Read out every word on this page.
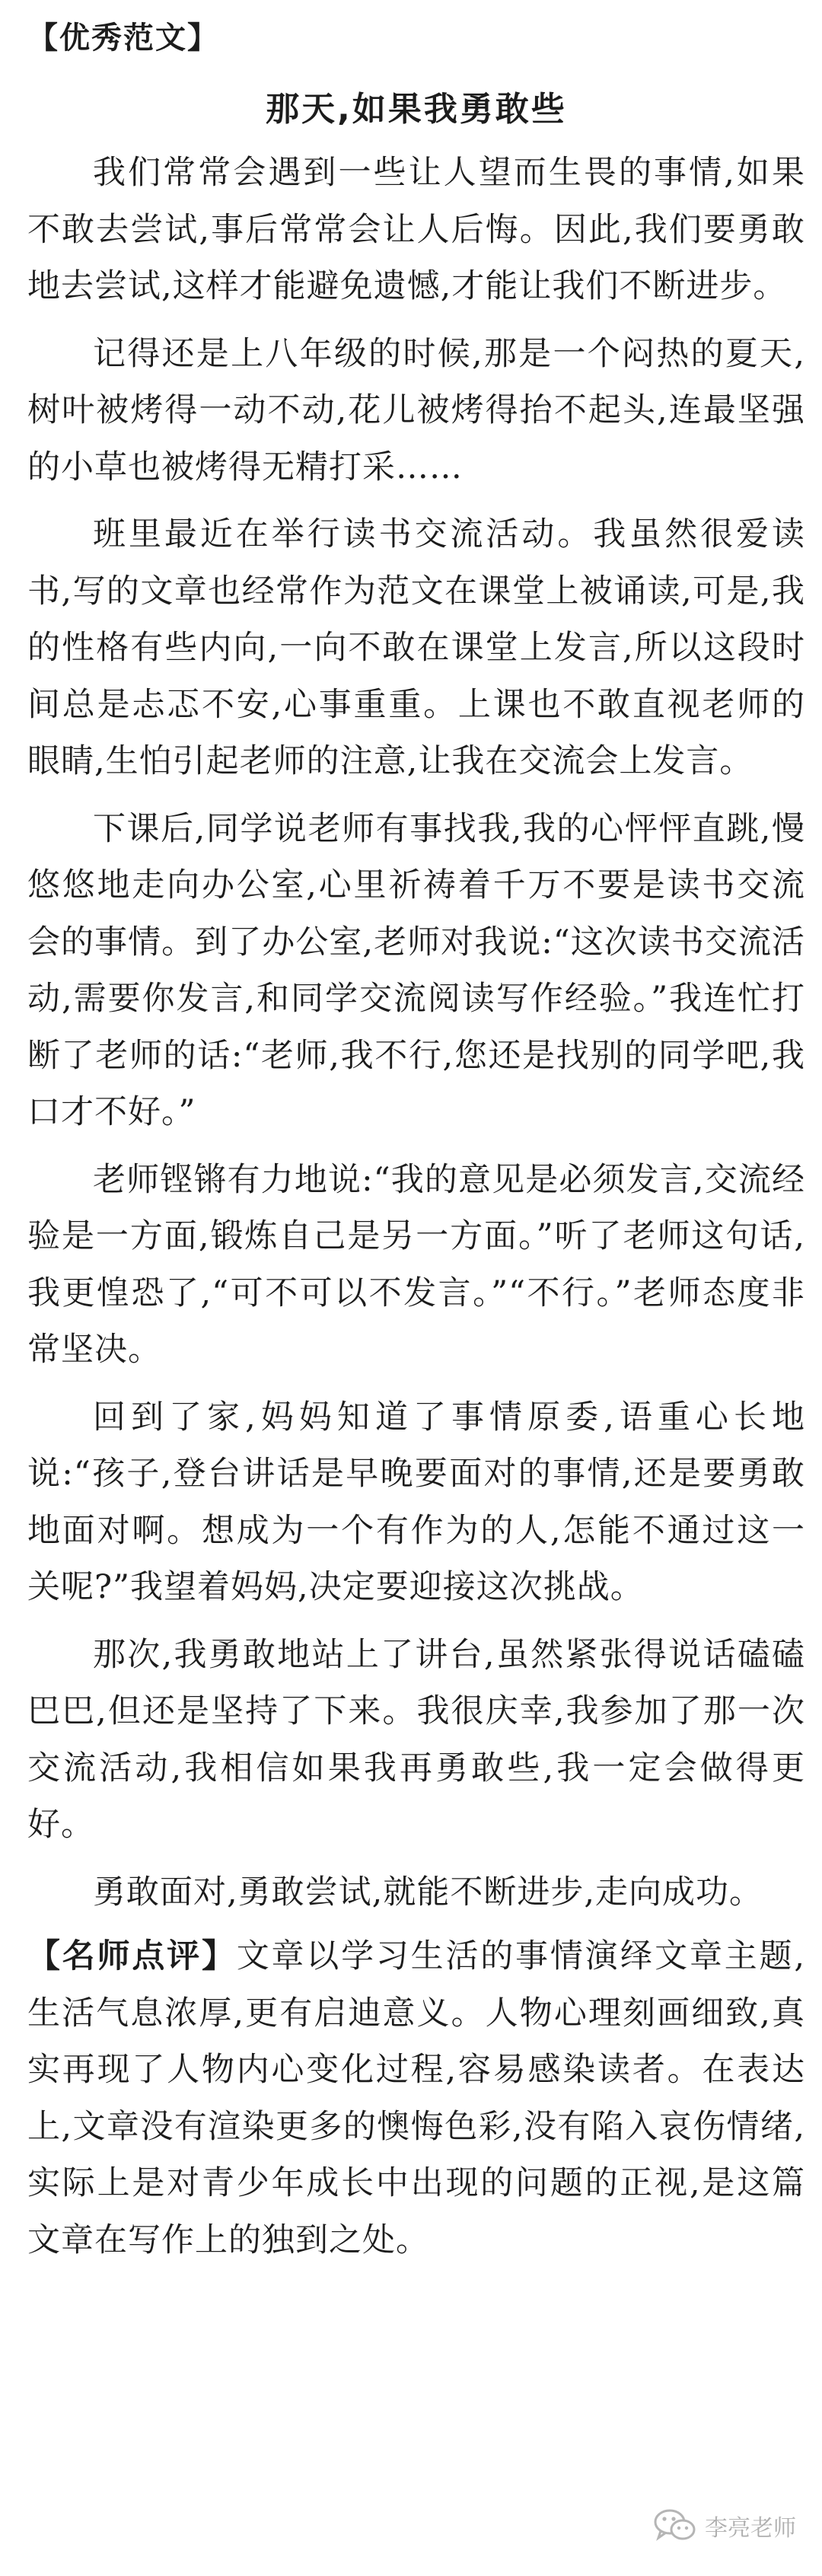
【优秀范文】
那天,如果我勇敢些

我们常常会遇到一些让人望而生畏的事情,如果不敢去尝试,事后常常会让人后悔。因此,我们要勇敢地去尝试,这样才能避免遗憾,才能让我们不断进步。

记得还是上八年级的时候,那是一个闷热的夏天,树叶被烤得一动不动,花儿被烤得抬不起头,连最坚强的小草也被烤得无精打采……

班里最近在举行读书交流活动。我虽然很爱读书,写的文章也经常作为范文在课堂上被诵读,可是,我的性格有些内向,一向不敢在课堂上发言,所以这段时间总是忐忑不安,心事重重。上课也不敢直视老师的眼睛,生怕引起老师的注意,让我在交流会上发言。

下课后,同学说老师有事找我,我的心怦怦直跳,慢悠悠地走向办公室,心里祈祷着千万不要是读书交流会的事情。到了办公室,老师对我说:“这次读书交流活动,需要你发言,和同学交流阅读写作经验。”我连忙打断了老师的话:“老师,我不行,您还是找别的同学吧,我口才不好。”

老师铿锵有力地说:“我的意见是必须发言,交流经验是一方面,锻炼自己是另一方面。”听了老师这句话,我更惶恐了,“可不可以不发言。”“不行。”老师态度非常坚决。

回到了家,妈妈知道了事情原委,语重心长地说:“孩子,登台讲话是早晚要面对的事情,还是要勇敢地面对啊。想成为一个有作为的人,怎能不通过这一关呢?”我望着妈妈,决定要迎接这次挑战。

那次,我勇敢地站上了讲台,虽然紧张得说话磕磕巴巴,但还是坚持了下来。我很庆幸,我参加了那一次交流活动,我相信如果我再勇敢些,我一定会做得更好。

勇敢面对,勇敢尝试,就能不断进步,走向成功。

【名师点评】文章以学习生活的事情演绎文章主题,生活气息浓厚,更有启迪意义。人物心理刻画细致,真实再现了人物内心变化过程,容易感染读者。在表达上,文章没有渲染更多的懊悔色彩,没有陷入哀伤情绪,实际上是对青少年成长中出现的问题的正视,是这篇文章在写作上的独到之处。

李亮老师
